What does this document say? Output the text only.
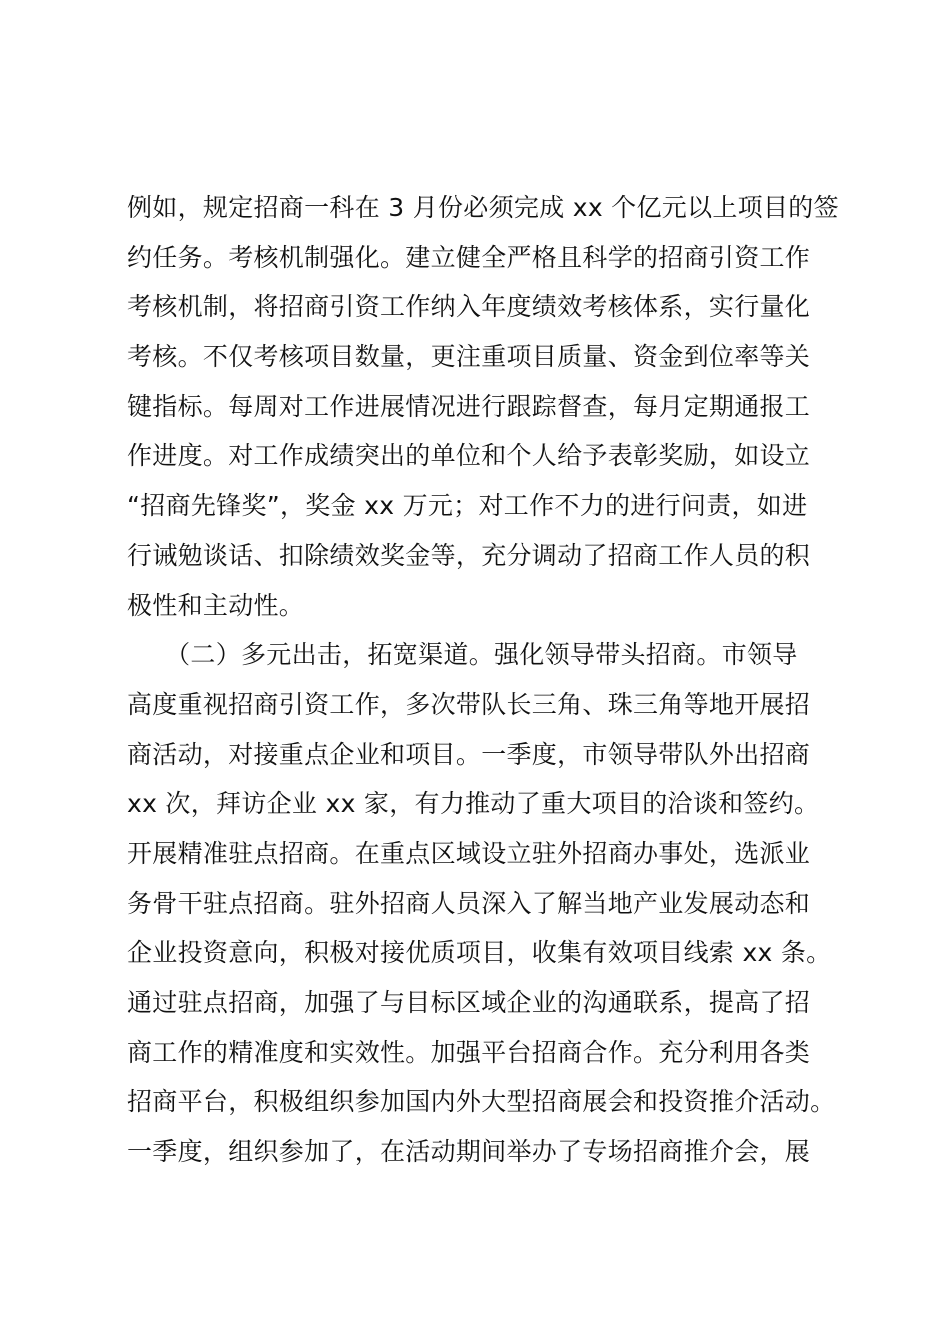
例如，规定招商一科在 3 月份必须完成 xx 个亿元以上项目的签
约任务。考核机制强化。建立健全严格且科学的招商引资工作
考核机制，将招商引资工作纳入年度绩效考核体系，实行量化
考核。不仅考核项目数量，更注重项目质量、资金到位率等关
键指标。每周对工作进展情况进行跟踪督查，每月定期通报工
作进度。对工作成绩突出的单位和个人给予表彰奖励，如设立
“招商先锋奖”，奖金 xx 万元；对工作不力的进行问责，如进
行诫勉谈话、扣除绩效奖金等，充分调动了招商工作人员的积
极性和主动性。
　　（二）多元出击，拓宽渠道。强化领导带头招商。市领导
高度重视招商引资工作，多次带队长三角、珠三角等地开展招
商活动，对接重点企业和项目。一季度，市领导带队外出招商
xx 次，拜访企业 xx 家，有力推动了重大项目的洽谈和签约。
开展精准驻点招商。在重点区域设立驻外招商办事处，选派业
务骨干驻点招商。驻外招商人员深入了解当地产业发展动态和
企业投资意向，积极对接优质项目，收集有效项目线索 xx 条。
通过驻点招商，加强了与目标区域企业的沟通联系，提高了招
商工作的精准度和实效性。加强平台招商合作。充分利用各类
招商平台，积极组织参加国内外大型招商展会和投资推介活动。
一季度，组织参加了，在活动期间举办了专场招商推介会，展
